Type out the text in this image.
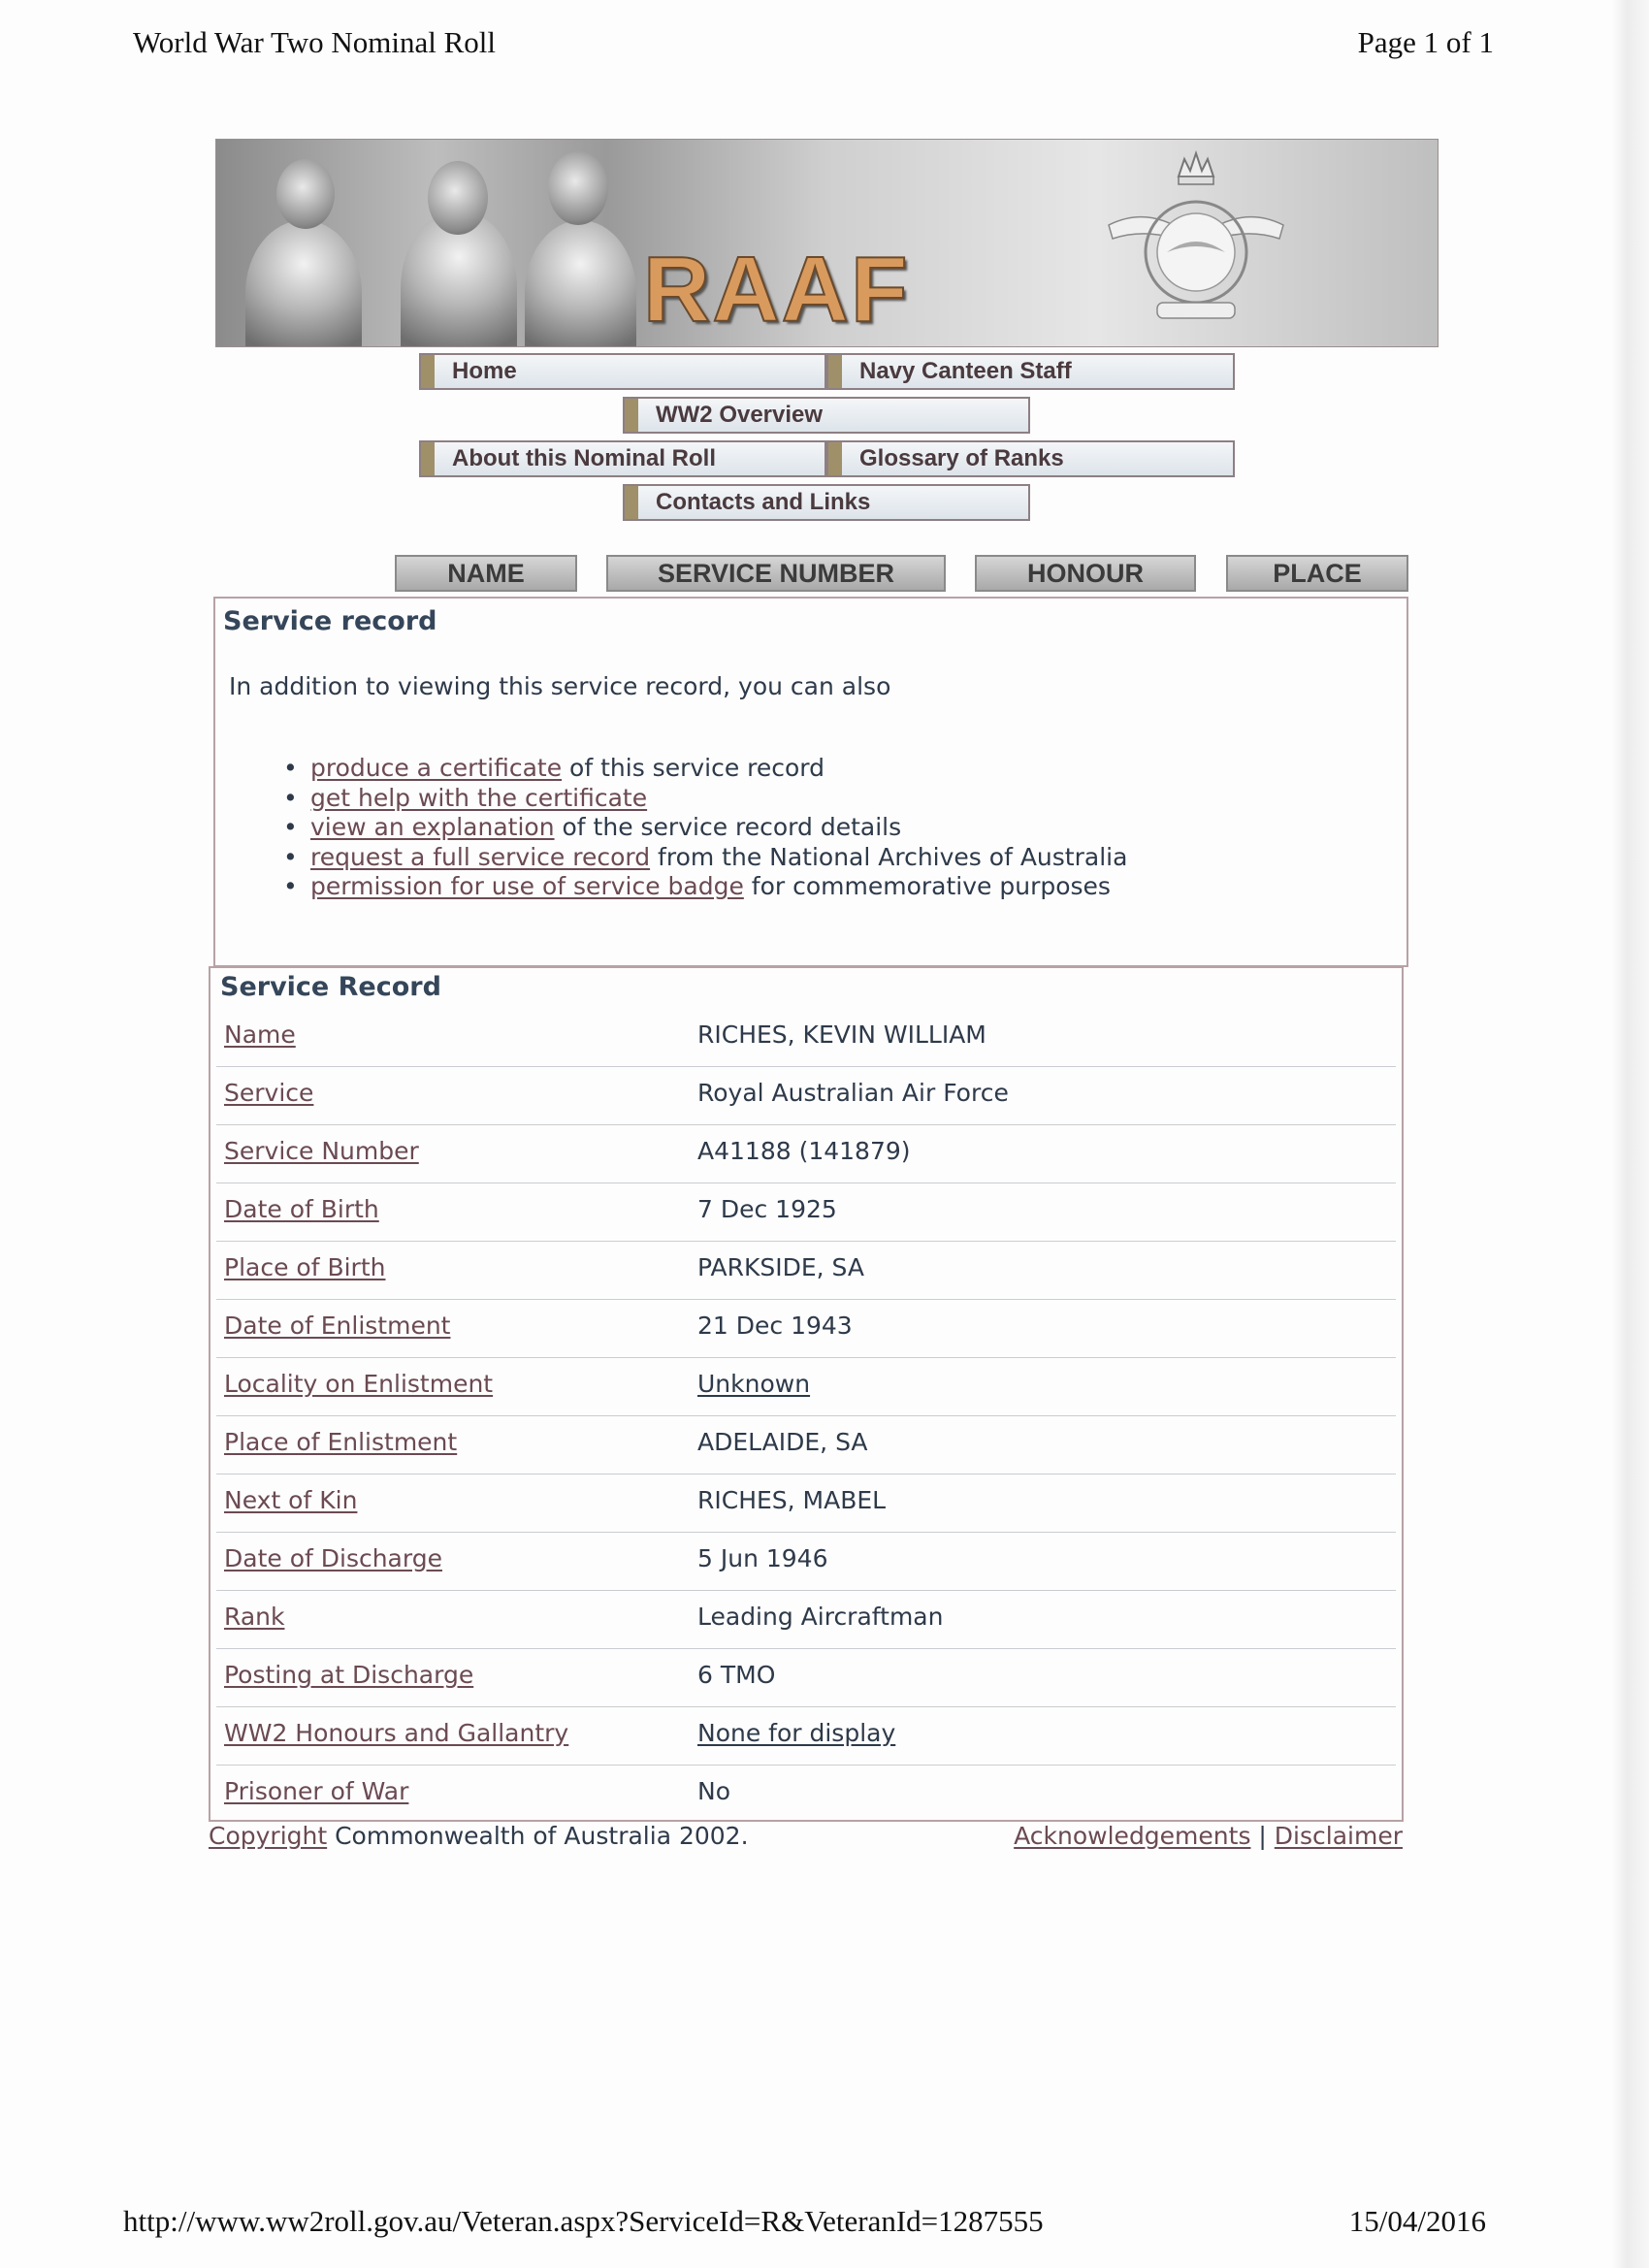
World War Two Nominal Roll	Page 1 of 1
RAAF
Home	Navy Canteen Staff
WW2 Overview
About this Nominal Roll	Glossary of Ranks
Contacts and Links
NAME	SERVICE NUMBER	HONOUR	PLACE
Service record
In addition to viewing this service record, you can also
• produce a certificate of this service record
• get help with the certificate
• view an explanation of the service record details
• request a full service record from the National Archives of Australia
• permission for use of service badge for commemorative purposes
Service Record
Name	RICHES, KEVIN WILLIAM
Service	Royal Australian Air Force
Service Number	A41188 (141879)
Date of Birth	7 Dec 1925
Place of Birth	PARKSIDE, SA
Date of Enlistment	21 Dec 1943
Locality on Enlistment	Unknown
Place of Enlistment	ADELAIDE, SA
Next of Kin	RICHES, MABEL
Date of Discharge	5 Jun 1946
Rank	Leading Aircraftman
Posting at Discharge	6 TMO
WW2 Honours and Gallantry	None for display
Prisoner of War	No
Copyright Commonwealth of Australia 2002.	Acknowledgements | Disclaimer
http://www.ww2roll.gov.au/Veteran.aspx?ServiceId=R&VeteranId=1287555	15/04/2016
